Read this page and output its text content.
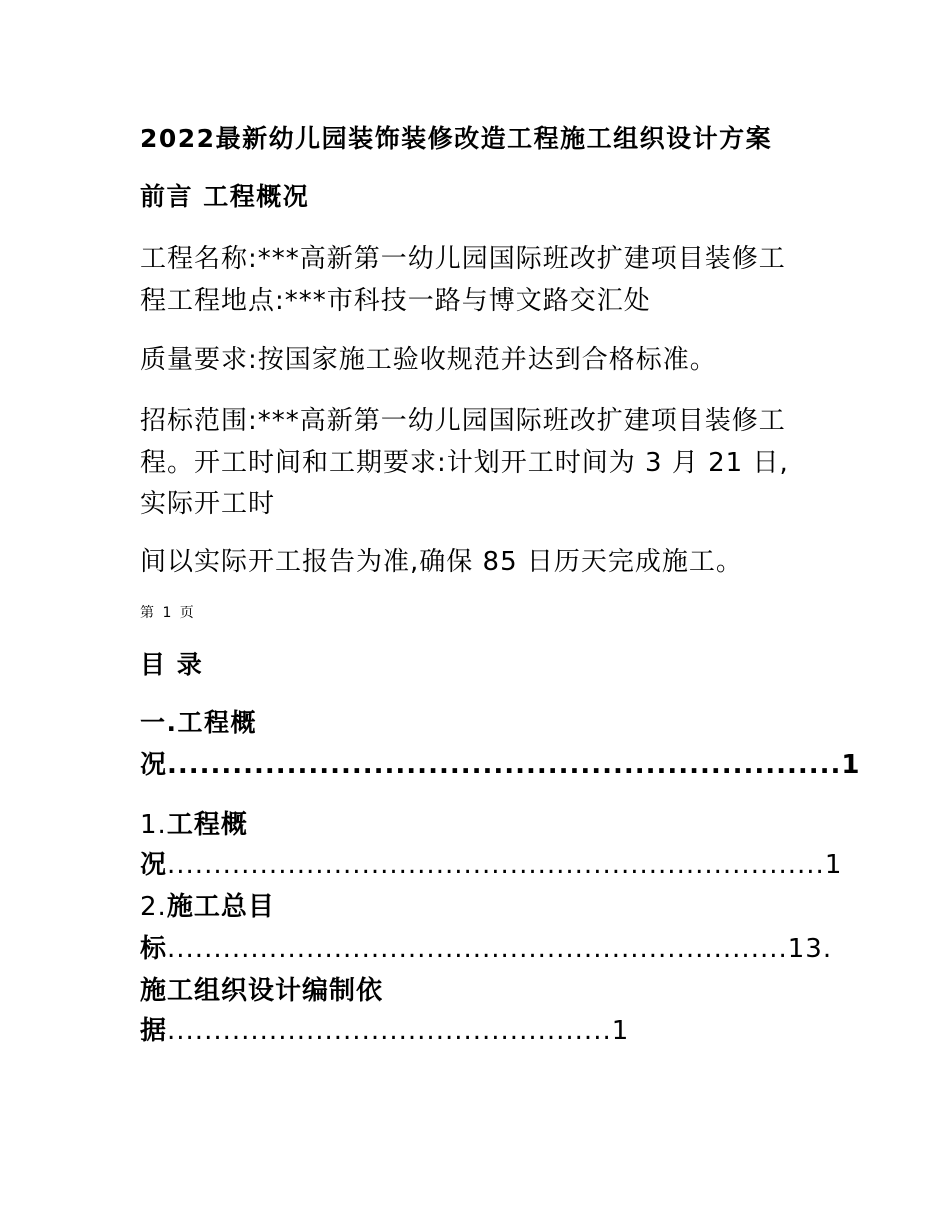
2022最新幼儿园装饰装修改造工程施工组织设计方案
前言 工程概况
工程名称:***高新第一幼儿园国际班改扩建项目装修工
程工程地点:***市科技一路与博文路交汇处
质量要求:按国家施工验收规范并达到合格标准。
招标范围:***高新第一幼儿园国际班改扩建项目装修工
程。开工时间和工期要求:计划开工时间为 3 月 21 日,
实际开工时
间以实际开工报告为准,确保 85 日历天完成施工。
第 1 页
目 录
一.工程概
况..............................................................1
1.工程概
况.......................................................................1
2.施工总目
标...................................................................13.
施工组织设计编制依
据................................................1
